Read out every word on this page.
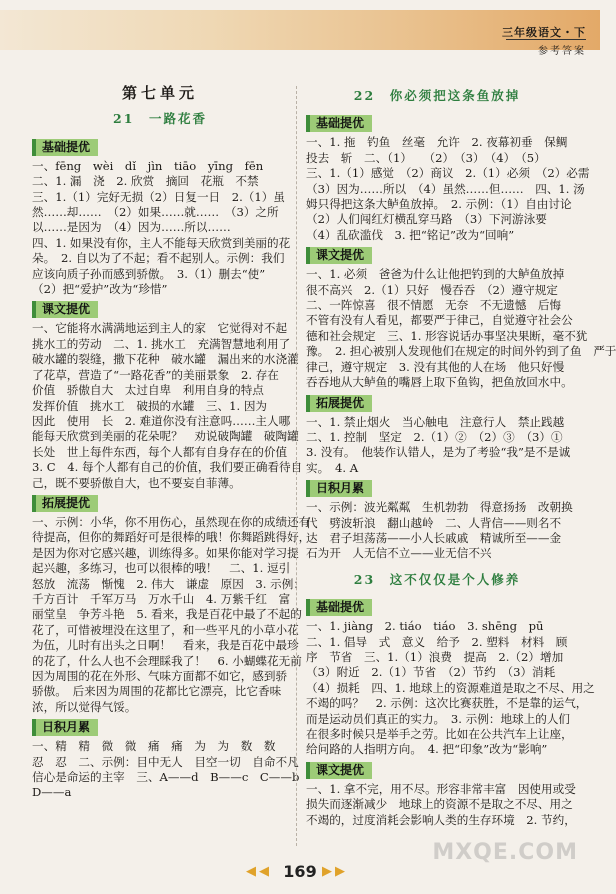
三年级语文・下
参考答案
第七单元
21　一路花香
基础提优
一、fēng　wèi　dǐ　jìn　tiāo　yīng　fēn
二、1. 漏　浇　2. 欣赏　摘回　花瓶　不禁
三、1.（1）完好无损（2）日复一日　2.（1）虽
然……却……　（2）如果……就……　（3）之所
以……是因为　（4）因为……所以……
四、1. 如果没有你，主人不能每天欣赏到美丽的花
朵。　2. 自以为了不起；看不起别人。示例：我们
应该向质子孙而感到骄傲。　3.（1）删去“使”
（2）把“爱护”改为“珍惜”
课文提优
一、它能将水满满地运到主人的家　它觉得对不起
挑水工的劳动　二、1. 挑水工　充满智慧地利用了
破水罐的裂缝，撒下花种　破水罐　漏出来的水浇灌
了花草，营造了“一路花香”的美丽景象　2. 存在
价值　骄傲自大　太过自卑　利用自身的特点
发挥价值　挑水工　破损的水罐　三、1. 因为
因此　使用　长　2. 难道你没有注意吗……主人哪
能每天欣赏到美丽的花朵呢？　劝说破陶罐　破陶罐
长处　世上每件东西，每个人都有自身存在的价值
3. C　4. 每个人都有自己的价值，我们要正确看待自
己，既不要骄傲自大，也不要妄自菲薄。
拓展提优
一、示例：小华，你不用伤心，虽然现在你的成绩还有
待提高，但你的舞蹈好可是很棒的哦！你舞蹈跳得好，
是因为你对它感兴趣，训练得多。如果你能对学习提
起兴趣，多练习，也可以很棒的哦！　二、1. 逗引
怒放　流荡　惭愧　2. 伟大　谦虚　原因　3. 示例：
千方百计　千军万马　万水千山　4. 万紫千红　富
丽堂皇　争芳斗艳　5. 看来，我是百花中最了不起的
花了，可惜被埋没在这里了，和一些平凡的小草小花
为伍，儿时有出头之日啊！　看来，我是百花中最珍
的花了，什么人也不会理睬我了！　6. 小蝴蝶花无前
因为周围的花在外形、气味方面都不如它，感到骄
骄傲。　后来因为周围的花都比它漂亮，比它香味
浓，所以觉得气馁。
日积月累
一、精　精　微　微　痛　痛　为　为　数　数
忍　忍　二、示例：目中无人　目空一切　自命不凡
信心是命运的主宰　三、A——d　B——c　C——b
D——a
22　你必须把这条鱼放掉
基础提优
一、1. 拖　钓鱼　丝毫　允许　2. 夜幕初垂　保鲷
投去　斩　二、（1）　　（2）　（3）　（4）　（5）
三、1.（1）感觉　（2）商议　2.（1）必须　（2）必需
（3）因为……所以　（4）虽然……但……　四、1. 汤
姆只得把这条大鲈鱼放掉。　2. 示例：（1）自由讨论
（2）人们闯红灯横乱穿马路　（3）下河游泳要
（4）乱砍滥伐　3. 把“铭记”改为“回响”
课文提优
一、1. 必须　爸爸为什么让他把钓到的大鲈鱼放掉
很不高兴　2.（1）只好　慢吞吞　（2）遵守规定
二、一阵惊喜　很不情愿　无奈　不无遗憾　后悔
不管有没有人看见，都要严于律己，自觉遵守社会公
德和社会规定　三、1. 形容说话办事坚决果断，毫不犹
豫。　2. 担心被别人发现他们在规定的时间外钓到了鱼　严于
律己，遵守规定　3. 没有其他的人在场　他只好慢
吞吞地从大鲈鱼的嘴唇上取下鱼钩，把鱼放回水中。
拓展提优
一、1. 禁止烟火　当心触电　注意行人　禁止践越
二、1. 控制　坚定　2.（1）②　（2）③　（3）①
3. 没有。　他装作认错人，是为了考验“我”是不是诚
实。　4. A
日积月累
一、示例：波光粼粼　生机勃勃　得意扬扬　改朝换
代　劈波斩浪　翻山越岭　二、人背信——则名不
达　君子坦荡荡——小人长戚戚　精诚所至——金
石为开　人无信不立——业无信不兴
23　这不仅仅是个人修养
基础提优
一、1. jiàng　2. tiáo　tiáo　3. shēng　pū
二、1. 倡导　式　意义　给予　2. 塑料　材料　顾
序　节省　三、1.（1）浪费　提高　2.（2）增加
（3）附近　2.（1）节省　（2）节约　（3）消耗
（4）损耗　四、1. 地球上的资源难道是取之不尽、用之
不竭的吗？　2. 示例：这次比赛获胜，不是靠的运气，
而是运动员们真正的实力。　3. 示例：地球上的人们
在很多时候只是举手之劳。比如在公共汽车上让座，
给问路的人指明方向。　4. 把“印象”改为“影响”
课文提优
一、1. 拿不完，用不尽。形容非常丰富　因使用或受
损失而逐渐减少　地球上的资源不是取之不尽、用之
不竭的，过度消耗会影响人类的生存环境　2. 节约，
◀ ◀ 169 ▶ ▶
MXQE.COM
